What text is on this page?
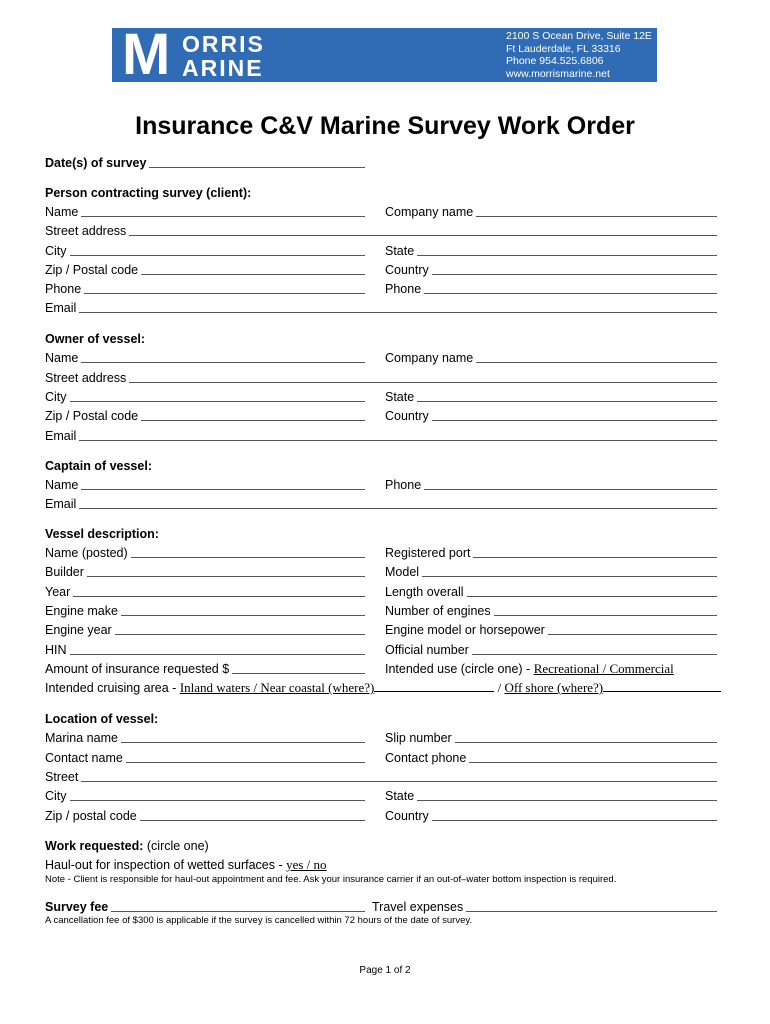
M ORRIS
ARINE
2100 S Ocean Drive, Suite 12E
Ft Lauderdale, FL 33316
Phone 954.525.6806
www.morrismarine.net
Insurance C&V Marine Survey Work Order
Date(s) of survey
Person contracting survey (client):
Name	Company name
Street address
City	State
Zip / Postal code	Country
Phone	Phone
Email
Owner of vessel:
Name	Company name
Street address
City	State
Zip / Postal code	Country
Email
Captain of vessel:
Name	Phone
Email
Vessel description:
Name (posted)	Registered port
Builder	Model
Year	Length overall
Engine make	Number of engines
Engine year	Engine model or horsepower
HIN	Official number
Amount of insurance requested $	Intended use (circle one) - Recreational / Commercial
Intended cruising area - Inland waters / Near coastal (where?)	/ Off shore (where?)
Location of vessel:
Marina name	Slip number
Contact name	Contact phone
Street
City	State
Zip / postal code	Country
Work requested: (circle one)
Haul-out for inspection of wetted surfaces - yes / no
Note - Client is responsible for haul-out appointment and fee. Ask your insurance carrier if an out-of–water bottom inspection is required.
Survey fee	Travel expenses
A cancellation fee of $300 is applicable if the survey is cancelled within 72 hours of the date of survey.
Page 1 of 2
